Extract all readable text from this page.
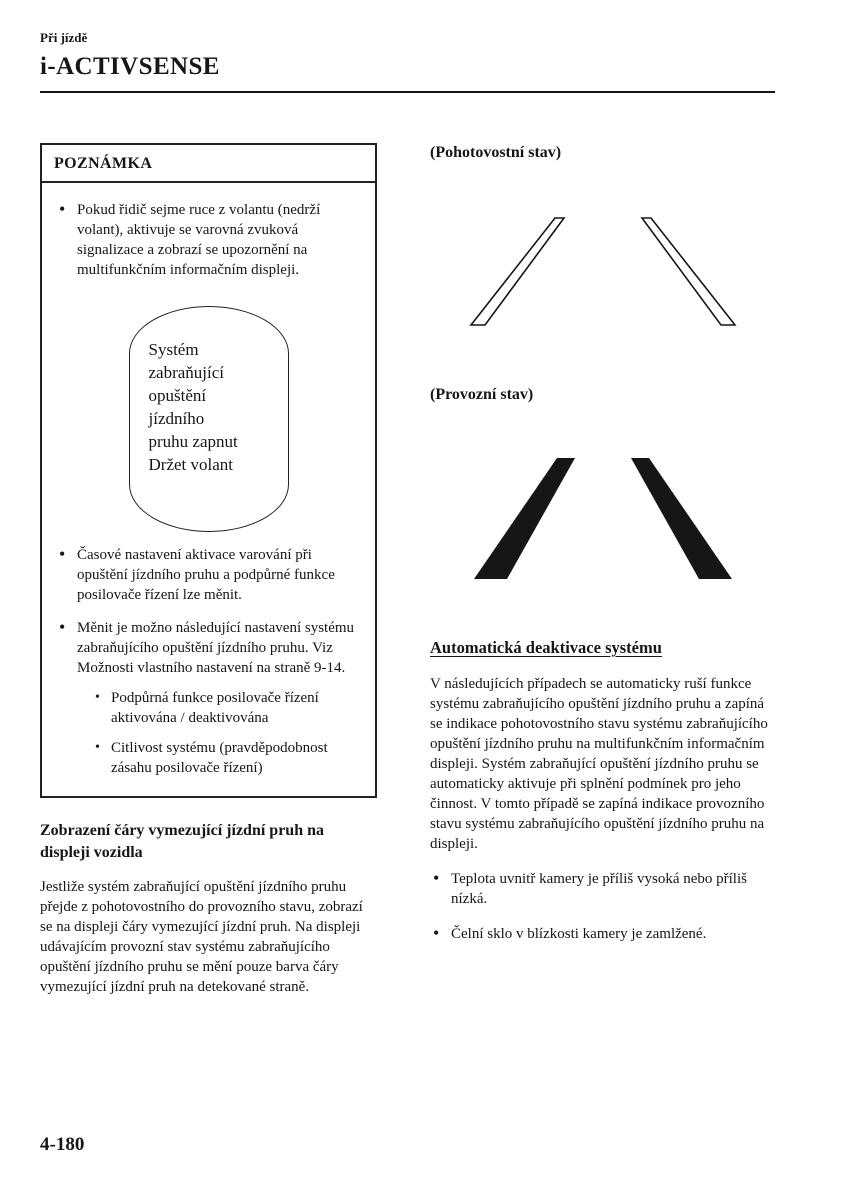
Při jízdě
i-ACTIVSENSE
POZNÁMKA
• Pokud řidič sejme ruce z volantu (nedrží volant), aktivuje se varovná zvuková signalizace a zobrazí se upozornění na multifunkčním informačním displeji.
Systém
zabraňující
opuštění
jízdního
pruhu zapnut
Držet volant
• Časové nastavení aktivace varování při opuštění jízdního pruhu a podpůrné funkce posilovače řízení lze měnit.
• Měnit je možno následující nastavení systému zabraňujícího opuštění jízdního pruhu. Viz Možnosti vlastního nastavení na straně 9-14.
• Podpůrná funkce posilovače řízení aktivována / deaktivována
• Citlivost systému (pravděpodobnost zásahu posilovače řízení)
Zobrazení čáry vymezující jízdní pruh na displeji vozidla

Jestliže systém zabraňující opuštění jízdního pruhu přejde z pohotovostního do provozního stavu, zobrazí se na displeji čáry vymezující jízdní pruh. Na displeji udávajícím provozní stav systému zabraňujícího opuštění jízdního pruhu se mění pouze barva čáry vymezující jízdní pruh na detekované straně.

(Pohotovostní stav)
(Provozní stav)
Automatická deaktivace systému

V následujících případech se automaticky ruší funkce systému zabraňujícího opuštění jízdního pruhu a zapíná se indikace pohotovostního stavu systému zabraňujícího opuštění jízdního pruhu na multifunkčním informačním displeji. Systém zabraňující opuštění jízdního pruhu se automaticky aktivuje při splnění podmínek pro jeho činnost. V tomto případě se zapíná indikace provozního stavu systému zabraňujícího opuštění jízdního pruhu na displeji.

• Teplota uvnitř kamery je příliš vysoká nebo příliš nízká.
• Čelní sklo v blízkosti kamery je zamlžené.
4-180
